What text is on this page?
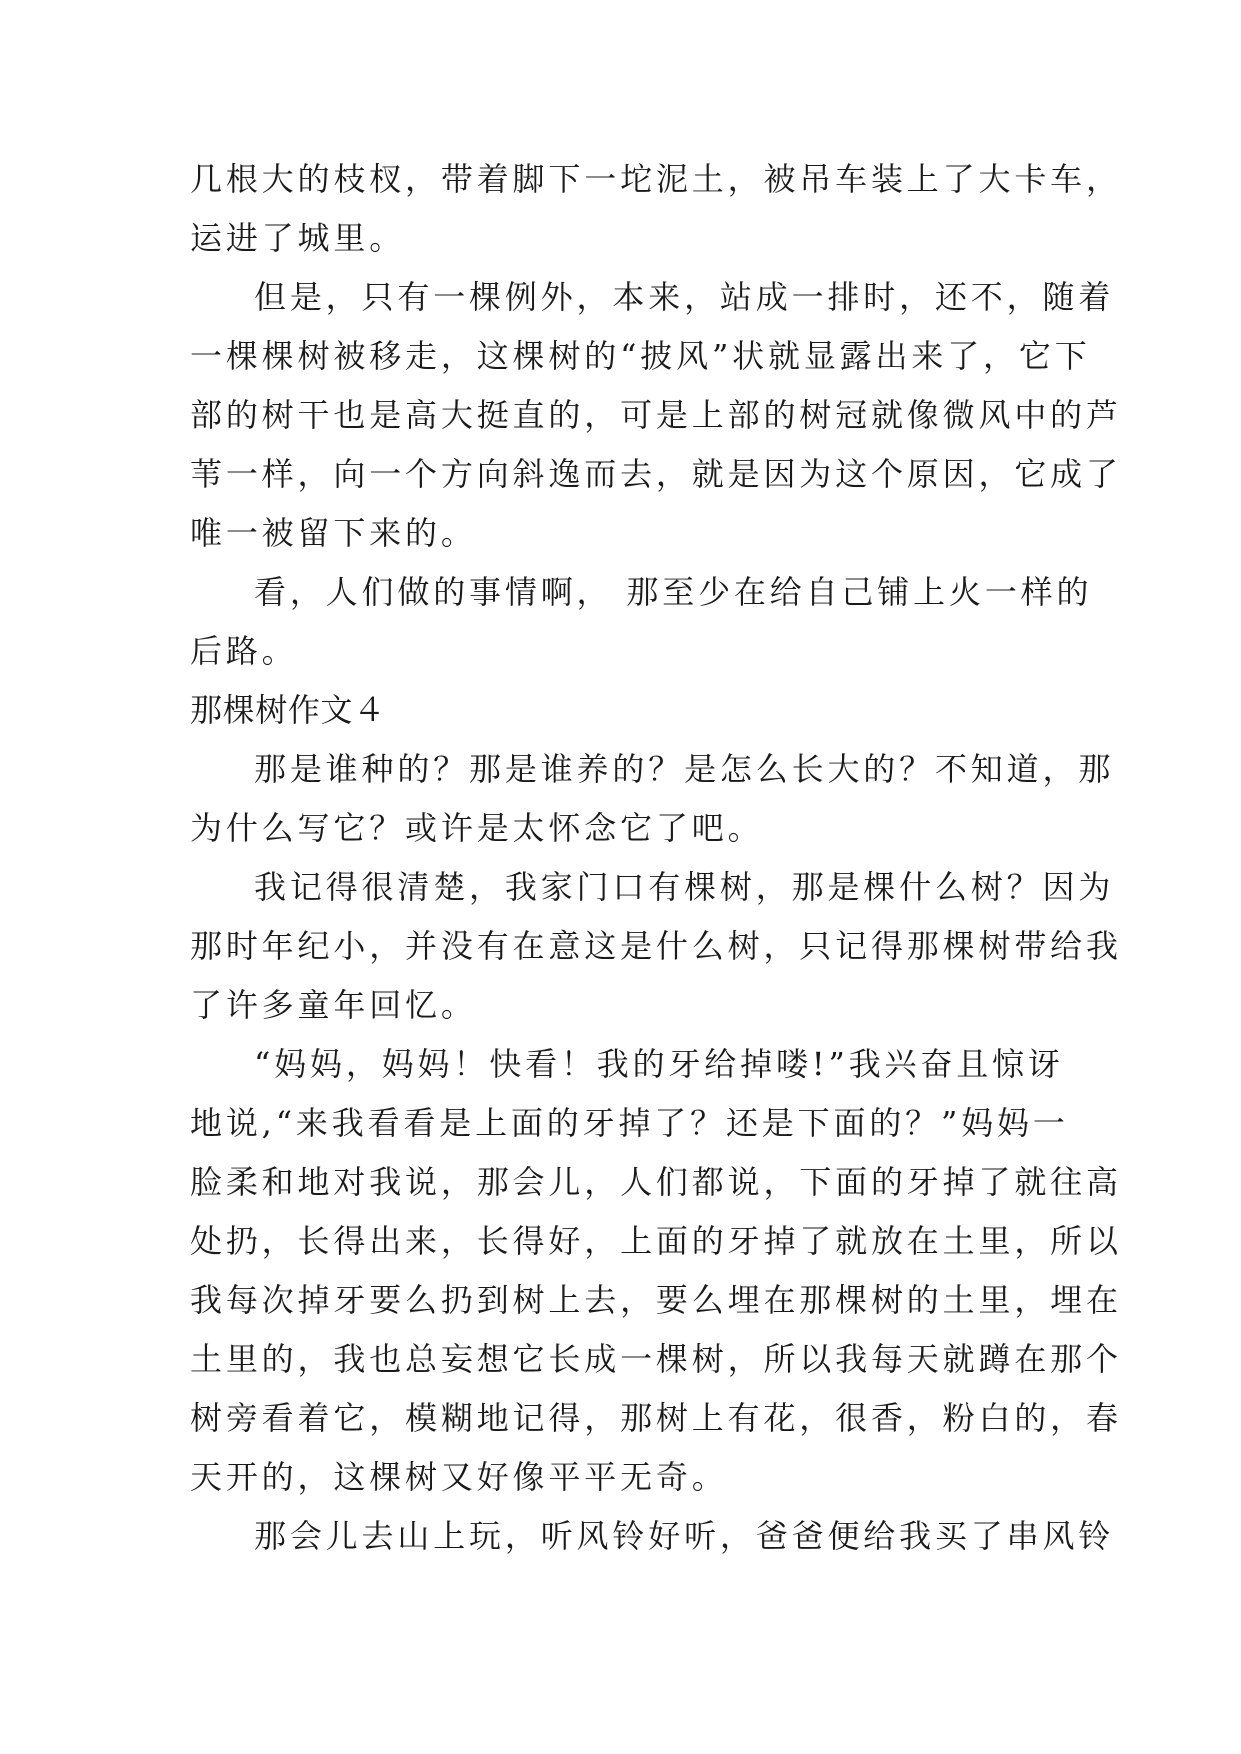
几根大的枝杈，带着脚下一坨泥土，被吊车装上了大卡车，
运进了城里。
但是，只有一棵例外，本来，站成一排时，还不，随着
一棵棵树被移走，这棵树的“披风”状就显露出来了，它下
部的树干也是高大挺直的，可是上部的树冠就像微风中的芦
苇一样，向一个方向斜逸而去，就是因为这个原因，它成了
唯一被留下来的。
看，人们做的事情啊， 那至少在给自己铺上火一样的
后路。
那棵树作文４
那是谁种的？那是谁养的？是怎么长大的？不知道，那
为什么写它？或许是太怀念它了吧。
我记得很清楚，我家门口有棵树，那是棵什么树？因为
那时年纪小，并没有在意这是什么树，只记得那棵树带给我
了许多童年回忆。
“妈妈，妈妈！快看！我的牙给掉喽!”我兴奋且惊讶
地说,“来我看看是上面的牙掉了？还是下面的？”妈妈一
脸柔和地对我说，那会儿，人们都说，下面的牙掉了就往高
处扔，长得出来，长得好，上面的牙掉了就放在土里，所以
我每次掉牙要么扔到树上去，要么埋在那棵树的土里，埋在
土里的，我也总妄想它长成一棵树，所以我每天就蹲在那个
树旁看着它，模糊地记得，那树上有花，很香，粉白的，春
天开的，这棵树又好像平平无奇。
那会儿去山上玩，听风铃好听，爸爸便给我买了串风铃
